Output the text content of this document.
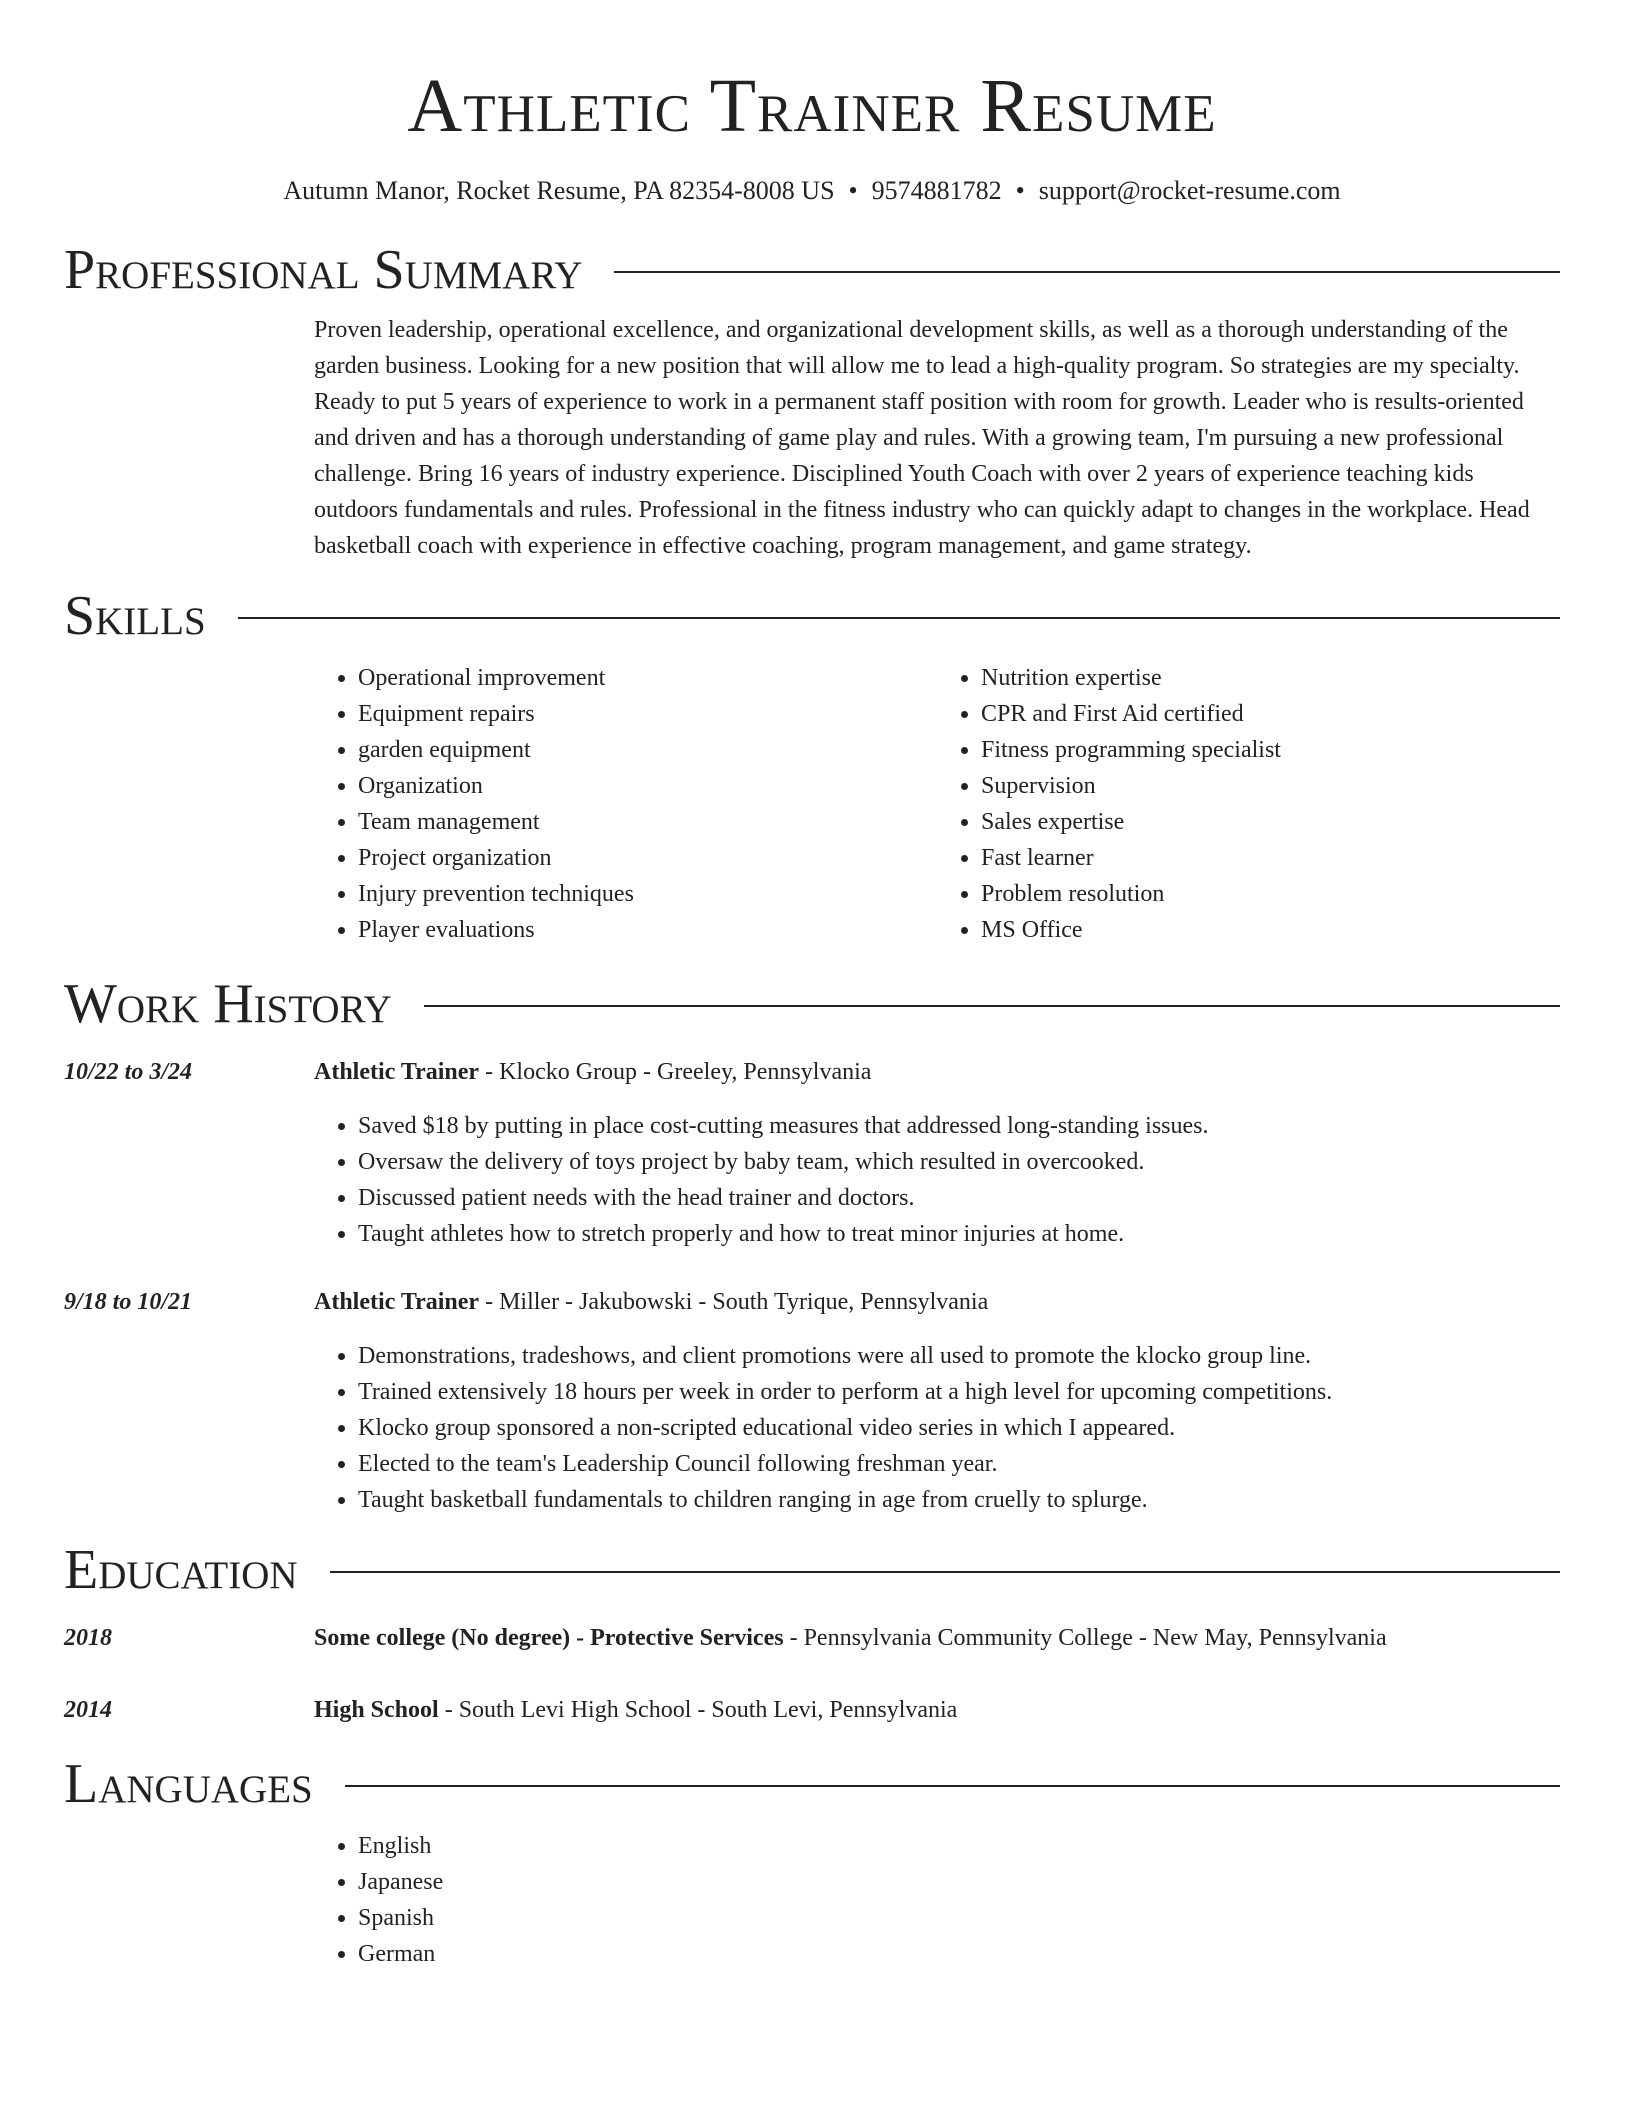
Athletic Trainer Resume
Autumn Manor, Rocket Resume, PA 82354-8008 US • 9574881782 • support@rocket-resume.com
Professional Summary

Proven leadership, operational excellence, and organizational development skills, as well as a thorough understanding of the garden business. Looking for a new position that will allow me to lead a high-quality program. So strategies are my specialty. Ready to put 5 years of experience to work in a permanent staff position with room for growth. Leader who is results-oriented and driven and has a thorough understanding of game play and rules. With a growing team, I'm pursuing a new professional challenge. Bring 16 years of industry experience. Disciplined Youth Coach with over 2 years of experience teaching kids outdoors fundamentals and rules. Professional in the fitness industry who can quickly adapt to changes in the workplace. Head basketball coach with experience in effective coaching, program management, and game strategy.

Skills
• Operational improvement
• Equipment repairs
• garden equipment
• Organization
• Team management
• Project organization
• Injury prevention techniques
• Player evaluations
• Nutrition expertise
• CPR and First Aid certified
• Fitness programming specialist
• Supervision
• Sales expertise
• Fast learner
• Problem resolution
• MS Office
Work History
10/22 to 3/24	Athletic Trainer - Klocko Group - Greeley, Pennsylvania
• Saved $18 by putting in place cost-cutting measures that addressed long-standing issues.
• Oversaw the delivery of toys project by baby team, which resulted in overcooked.
• Discussed patient needs with the head trainer and doctors.
• Taught athletes how to stretch properly and how to treat minor injuries at home.
9/18 to 10/21	Athletic Trainer - Miller - Jakubowski - South Tyrique, Pennsylvania
• Demonstrations, tradeshows, and client promotions were all used to promote the klocko group line.
• Trained extensively 18 hours per week in order to perform at a high level for upcoming competitions.
• Klocko group sponsored a non-scripted educational video series in which I appeared.
• Elected to the team's Leadership Council following freshman year.
• Taught basketball fundamentals to children ranging in age from cruelly to splurge.
Education
2018	Some college (No degree) - Protective Services - Pennsylvania Community College - New May, Pennsylvania
2014	High School - South Levi High School - South Levi, Pennsylvania
Languages
• English
• Japanese
• Spanish
• German
